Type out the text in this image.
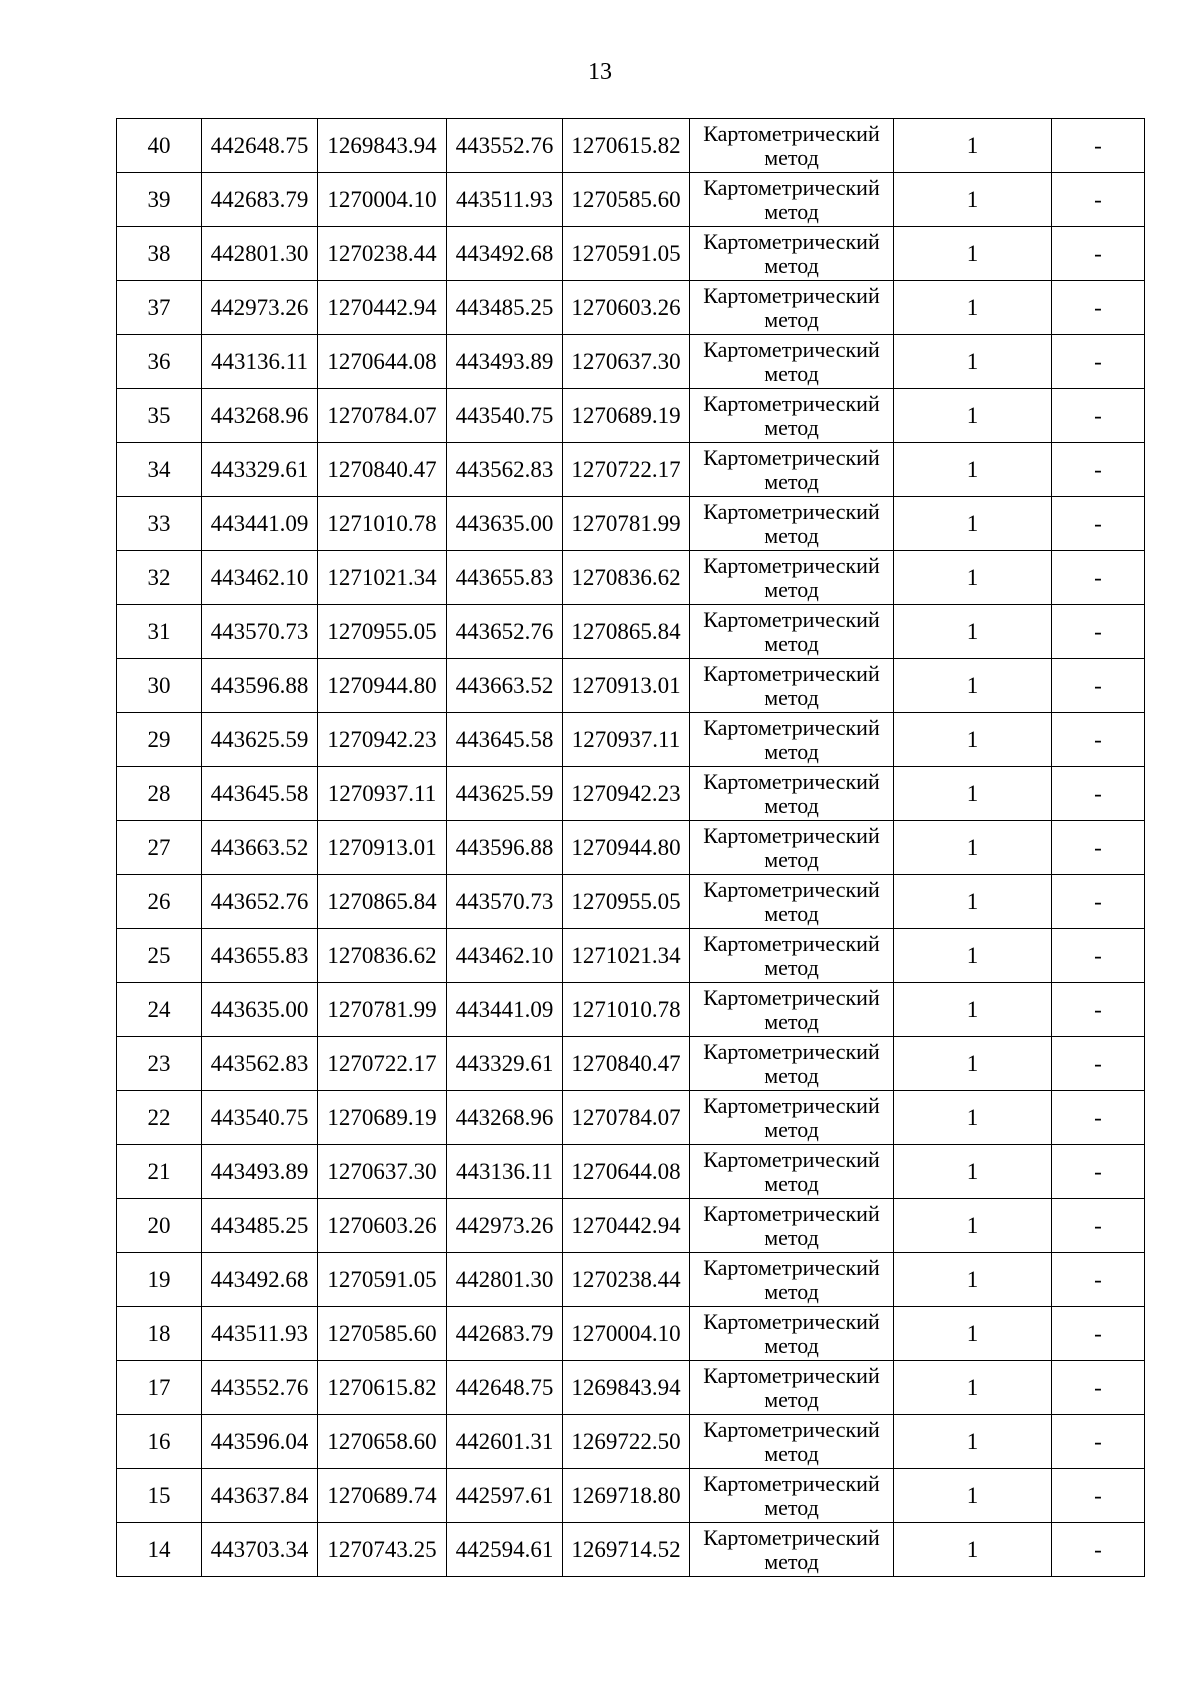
13
40	442648.75	1269843.94	443552.76	1270615.82	Картометрический
метод	1	-
39	442683.79	1270004.10	443511.93	1270585.60	Картометрический
метод	1	-
38	442801.30	1270238.44	443492.68	1270591.05	Картометрический
метод	1	-
37	442973.26	1270442.94	443485.25	1270603.26	Картометрический
метод	1	-
36	443136.11	1270644.08	443493.89	1270637.30	Картометрический
метод	1	-
35	443268.96	1270784.07	443540.75	1270689.19	Картометрический
метод	1	-
34	443329.61	1270840.47	443562.83	1270722.17	Картометрический
метод	1	-
33	443441.09	1271010.78	443635.00	1270781.99	Картометрический
метод	1	-
32	443462.10	1271021.34	443655.83	1270836.62	Картометрический
метод	1	-
31	443570.73	1270955.05	443652.76	1270865.84	Картометрический
метод	1	-
30	443596.88	1270944.80	443663.52	1270913.01	Картометрический
метод	1	-
29	443625.59	1270942.23	443645.58	1270937.11	Картометрический
метод	1	-
28	443645.58	1270937.11	443625.59	1270942.23	Картометрический
метод	1	-
27	443663.52	1270913.01	443596.88	1270944.80	Картометрический
метод	1	-
26	443652.76	1270865.84	443570.73	1270955.05	Картометрический
метод	1	-
25	443655.83	1270836.62	443462.10	1271021.34	Картометрический
метод	1	-
24	443635.00	1270781.99	443441.09	1271010.78	Картометрический
метод	1	-
23	443562.83	1270722.17	443329.61	1270840.47	Картометрический
метод	1	-
22	443540.75	1270689.19	443268.96	1270784.07	Картометрический
метод	1	-
21	443493.89	1270637.30	443136.11	1270644.08	Картометрический
метод	1	-
20	443485.25	1270603.26	442973.26	1270442.94	Картометрический
метод	1	-
19	443492.68	1270591.05	442801.30	1270238.44	Картометрический
метод	1	-
18	443511.93	1270585.60	442683.79	1270004.10	Картометрический
метод	1	-
17	443552.76	1270615.82	442648.75	1269843.94	Картометрический
метод	1	-
16	443596.04	1270658.60	442601.31	1269722.50	Картометрический
метод	1	-
15	443637.84	1270689.74	442597.61	1269718.80	Картометрический
метод	1	-
14	443703.34	1270743.25	442594.61	1269714.52	Картометрический
метод	1	-
